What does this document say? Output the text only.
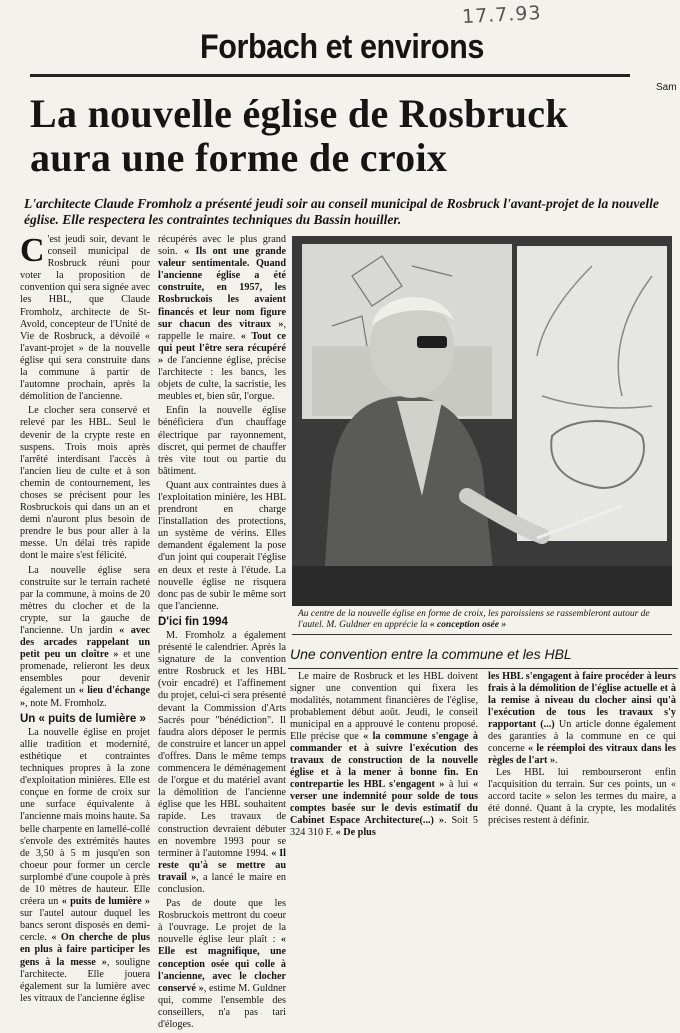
17.7.93
Forbach et environs
Sam
La nouvelle église de Rosbruck
aura une forme de croix
L'architecte Claude Fromholz a présenté jeudi soir au conseil municipal de Rosbruck l'avant-projet de la nouvelle église. Elle respectera les contraintes techniques du Bassin houiller.

C 'est jeudi soir, devant le conseil municipal de Rosbruck réuni pour voter la proposition de convention qui sera signée avec les HBL, que Claude Fromholz, architecte de St-Avold, concepteur de l'Unité de Vie de Rosbruck, a dévoilé « l'avant-projet » de la nouvelle église qui sera construite dans la commune à partir de l'automne prochain, après la démolition de l'ancienne.

Le clocher sera conservé et relevé par les HBL. Seul le devenir de la crypte reste en suspens. Trois mois après l'arrêté interdisant l'accès à l'ancien lieu de culte et à son chemin de contournement, les choses se précisent pour les Rosbruckois qui dans un an et demi n'auront plus besoin de prendre le bus pour aller à la messe. Un délai très rapide dont le maire s'est félicité.

La nouvelle église sera construite sur le terrain racheté par la commune, à moins de 20 mètres du clocher et de la crypte, sur la gauche de l'ancienne. Un jardin « avec des arcades rappelant un petit peu un cloître » et une promenade, relieront les deux ensembles pour devenir également un « lieu d'échange », note M. Fromholz.

Un « puits de lumière »

La nouvelle église en projet allie tradition et modernité, esthétique et contraintes techniques propres à la zone d'exploitation minières. Elle est conçue en forme de croix sur une surface équivalente à l'ancienne mais moins haute. Sa belle charpente en lamellé-collé s'envole des extrémités hautes de 3,50 à 5 m jusqu'en son choeur pour former un cercle surplombé d'une coupole à près de 10 mètres de hauteur. Elle créera un « puits de lumière » sur l'autel autour duquel les bancs seront disposés en demi-cercle. « On cherche de plus en plus à faire participer les gens à la messe », souligne l'architecte. Elle jouera également sur la lumière avec les vitraux de l'ancienne église

récupérés avec le plus grand soin. « Ils ont une grande valeur sentimentale. Quand l'ancienne église a été construite, en 1957, les Rosbruckois les avaient financés et leur nom figure sur chacun des vitraux », rappelle le maire. « Tout ce qui peut l'être sera récupéré » de l'ancienne église, précise l'architecte : les bancs, les objets de culte, la sacristie, les meubles et, bien sûr, l'orgue.

Enfin la nouvelle église bénéficiera d'un chauffage électrique par rayonnement, discret, qui permet de chauffer très vite tout ou partie du bâtiment.

Quant aux contraintes dues à l'exploitation minière, les HBL prendront en charge l'installation des protections, un système de vérins. Elles demandent également la pose d'un joint qui couperait l'église en deux et reste à l'étude. La nouvelle église ne risquera donc pas de subir le même sort que l'ancienne.

D'ici fin 1994

M. Fromholz a également présenté le calendrier. Après la signature de la convention entre Rosbruck et les HBL (voir encadré) et l'affinement du projet, celui-ci sera présenté devant la Commission d'Arts Sacrés pour "bénédiction". Il faudra alors déposer le permis de construire et lancer un appel d'offres. Dans le même temps commencera le déménagement de l'orgue et du matériel avant la démolition de l'ancienne église que les HBL souhaitent rapide. Les travaux de construction devraient débuter en novembre 1993 pour se terminer à l'automne 1994. « Il reste qu'à se mettre au travail », a lancé le maire en conclusion.

Pas de doute que les Rosbruckois mettront du coeur à l'ouvrage. Le projet de la nouvelle église leur plaît : « Elle est magnifique, une conception osée qui colle à l'ancienne, avec le clocher conservé », estime M. Guldner qui, comme l'ensemble des conseillers, n'a pas tari d'éloges.

Au centre de la nouvelle église en forme de croix, les paroissiens se rassembleront autour de l'autel. M. Guldner en apprécie la « conception osée »
Une convention entre la commune et les HBL

Le maire de Rosbruck et les HBL doivent signer une convention qui fixera les modalités, notamment financières de l'église, probablement début août. Jeudi, le conseil municipal en a approuvé le contenu proposé. Elle précise que « la commune s'engage à commander et à suivre l'exécution des travaux de construction de la nouvelle église et à la mener à bonne fin. En contrepartie les HBL s'engagent » à lui « verser une indemnité pour solde de tous comptes basée sur le devis estimatif du Cabinet Espace Architecture(...) ». Soit 5 324 310 F. « De plus

les HBL s'engagent à faire procéder à leurs frais à la démolition de l'église actuelle et à la remise à niveau du clocher ainsi qu'à l'exécution de tous les travaux s'y rapportant (...) Un article donne également des garanties à la commune en ce qui concerne « le réemploi des vitraux dans les règles de l'art ».

Les HBL lui rembourseront enfin l'acquisition du terrain. Sur ces points, un « accord tacite » selon les termes du maire, a été donné. Quant à la crypte, les modalités précises restent à définir.
